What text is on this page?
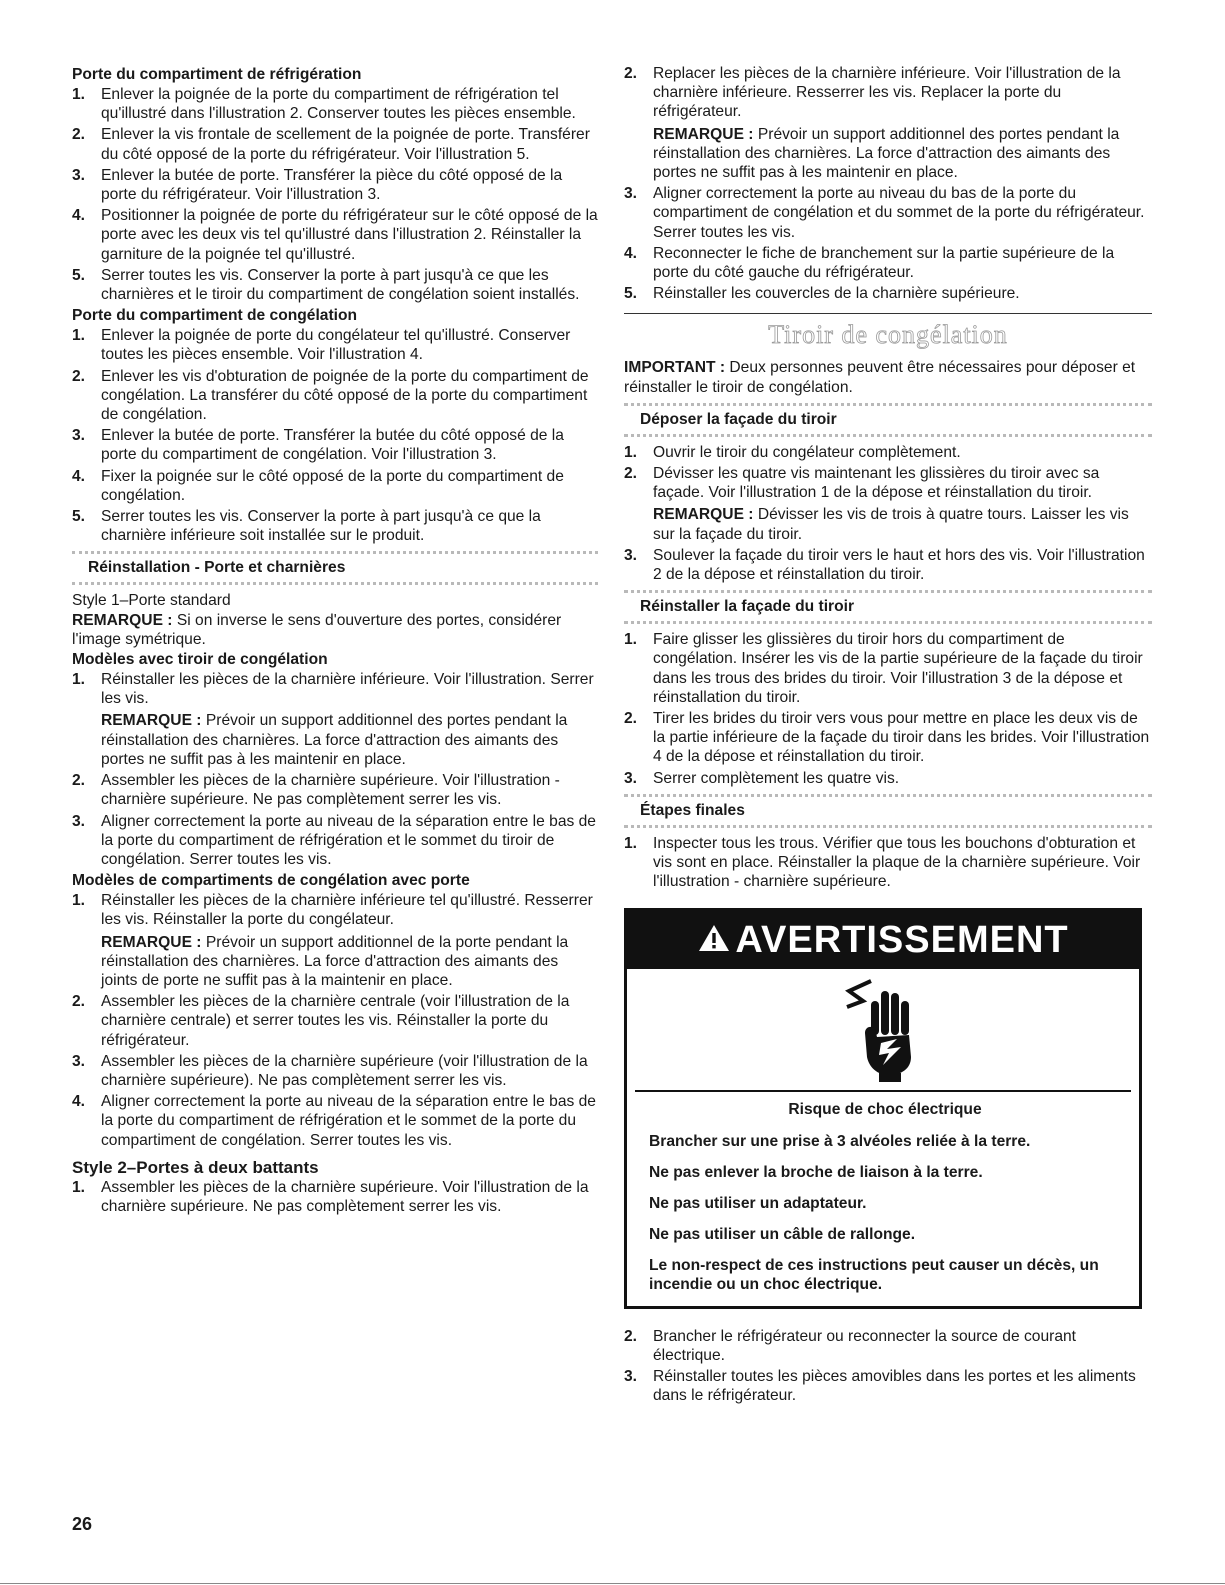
Porte du compartiment de réfrigération
1. Enlever la poignée de la porte du compartiment de réfrigération tel qu'illustré dans l'illustration 2. Conserver toutes les pièces ensemble.
2. Enlever la vis frontale de scellement de la poignée de porte. Transférer du côté opposé de la porte du réfrigérateur. Voir l'illustration 5.
3. Enlever la butée de porte. Transférer la pièce du côté opposé de la porte du réfrigérateur. Voir l'illustration 3.
4. Positionner la poignée de porte du réfrigérateur sur le côté opposé de la porte avec les deux vis tel qu'illustré dans l'illustration 2. Réinstaller la garniture de la poignée tel qu'illustré.
5. Serrer toutes les vis. Conserver la porte à part jusqu'à ce que les charnières et le tiroir du compartiment de congélation soient installés.
Porte du compartiment de congélation
1. Enlever la poignée de porte du congélateur tel qu'illustré. Conserver toutes les pièces ensemble. Voir l'illustration 4.
2. Enlever les vis d'obturation de poignée de la porte du compartiment de congélation. La transférer du côté opposé de la porte du compartiment de congélation.
3. Enlever la butée de porte. Transférer la butée du côté opposé de la porte du compartiment de congélation. Voir l'illustration 3.
4. Fixer la poignée sur le côté opposé de la porte du compartiment de congélation.
5. Serrer toutes les vis. Conserver la porte à part jusqu'à ce que la charnière inférieure soit installée sur le produit.
Réinstallation - Porte et charnières
Style 1–Porte standard
REMARQUE : Si on inverse le sens d'ouverture des portes, considérer l'image symétrique.
Modèles avec tiroir de congélation
1. Réinstaller les pièces de la charnière inférieure. Voir l'illustration. Serrer les vis.
REMARQUE : Prévoir un support additionnel des portes pendant la réinstallation des charnières. La force d'attraction des aimants des portes ne suffit pas à les maintenir en place.
2. Assembler les pièces de la charnière supérieure. Voir l'illustration - charnière supérieure. Ne pas complètement serrer les vis.
3. Aligner correctement la porte au niveau de la séparation entre le bas de la porte du compartiment de réfrigération et le sommet du tiroir de congélation. Serrer toutes les vis.
Modèles de compartiments de congélation avec porte
1. Réinstaller les pièces de la charnière inférieure tel qu'illustré. Resserrer les vis. Réinstaller la porte du congélateur.
REMARQUE : Prévoir un support additionnel de la porte pendant la réinstallation des charnières. La force d'attraction des aimants des joints de porte ne suffit pas à la maintenir en place.
2. Assembler les pièces de la charnière centrale (voir l'illustration de la charnière centrale) et serrer toutes les vis. Réinstaller la porte du réfrigérateur.
3. Assembler les pièces de la charnière supérieure (voir l'illustration de la charnière supérieure). Ne pas complètement serrer les vis.
4. Aligner correctement la porte au niveau de la séparation entre le bas de la porte du compartiment de réfrigération et le sommet de la porte du compartiment de congélation. Serrer toutes les vis.
Style 2–Portes à deux battants
1. Assembler les pièces de la charnière supérieure. Voir l'illustration de la charnière supérieure. Ne pas complètement serrer les vis.
2. Replacer les pièces de la charnière inférieure. Voir l'illustration de la charnière inférieure. Resserrer les vis. Replacer la porte du réfrigérateur.
REMARQUE : Prévoir un support additionnel des portes pendant la réinstallation des charnières. La force d'attraction des aimants des portes ne suffit pas à les maintenir en place.
3. Aligner correctement la porte au niveau du bas de la porte du compartiment de congélation et du sommet de la porte du réfrigérateur. Serrer toutes les vis.
4. Reconnecter le fiche de branchement sur la partie supérieure de la porte du côté gauche du réfrigérateur.
5. Réinstaller les couvercles de la charnière supérieure.
Tiroir de congélation
IMPORTANT : Deux personnes peuvent être nécessaires pour déposer et réinstaller le tiroir de congélation.
Déposer la façade du tiroir
1. Ouvrir le tiroir du congélateur complètement.
2. Dévisser les quatre vis maintenant les glissières du tiroir avec sa façade. Voir l'illustration 1 de la dépose et réinstallation du tiroir.
REMARQUE : Dévisser les vis de trois à quatre tours. Laisser les vis sur la façade du tiroir.
3. Soulever la façade du tiroir vers le haut et hors des vis. Voir l'illustration 2 de la dépose et réinstallation du tiroir.
Réinstaller la façade du tiroir
1. Faire glisser les glissières du tiroir hors du compartiment de congélation. Insérer les vis de la partie supérieure de la façade du tiroir dans les trous des brides du tiroir. Voir l'illustration 3 de la dépose et réinstallation du tiroir.
2. Tirer les brides du tiroir vers vous pour mettre en place les deux vis de la partie inférieure de la façade du tiroir dans les brides. Voir l'illustration 4 de la dépose et réinstallation du tiroir.
3. Serrer complètement les quatre vis.
Étapes finales
1. Inspecter tous les trous. Vérifier que tous les bouchons d'obturation et vis sont en place. Réinstaller la plaque de la charnière supérieure. Voir l'illustration - charnière supérieure.
AVERTISSEMENT
Risque de choc électrique
Brancher sur une prise à 3 alvéoles reliée à la terre.
Ne pas enlever la broche de liaison à la terre.
Ne pas utiliser un adaptateur.
Ne pas utiliser un câble de rallonge.
Le non-respect de ces instructions peut causer un décès, un incendie ou un choc électrique.
2. Brancher le réfrigérateur ou reconnecter la source de courant électrique.
3. Réinstaller toutes les pièces amovibles dans les portes et les aliments dans le réfrigérateur.
26
